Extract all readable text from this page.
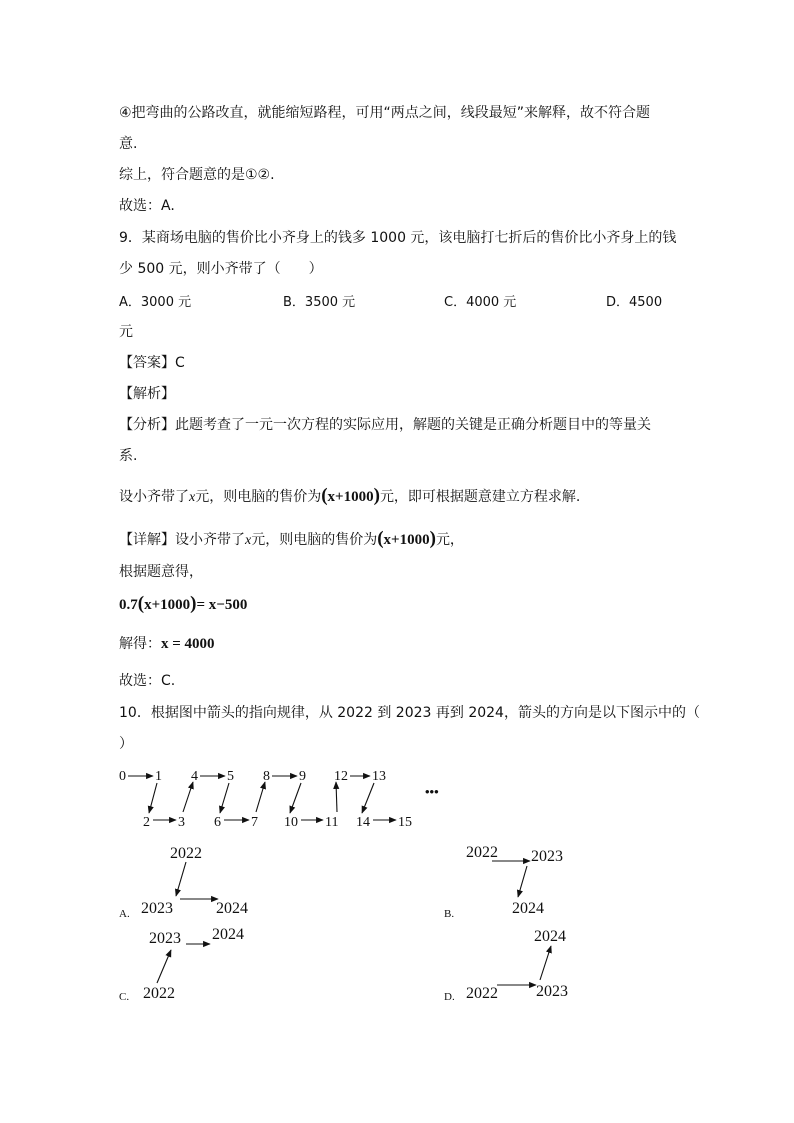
④把弯曲的公路改直，就能缩短路程，可用“两点之间，线段最短”来解释，故不符合题
意.
综上，符合题意的是①②.
故选：A.
9．某商场电脑的售价比小齐身上的钱多 1000 元，该电脑打七折后的售价比小齐身上的钱
少 500 元，则小齐带了（　　）
A．3000 元	B．3500 元	C．4000 元	D．4500
元
【答案】C
【解析】
【分析】此题考查了一元一次方程的实际应用，解题的关键是正确分析题目中的等量关
系.
设小齐带了x元，则电脑的售价为(x+1000)元，即可根据题意建立方程求解.
【详解】设小齐带了x元，则电脑的售价为(x+1000)元，
根据题意得，
0.7(x+1000)= x−500
解得：x = 4000
故选：C.
10．根据图中箭头的指向规律，从 2022 到 2023 再到 2024，箭头的方向是以下图示中的（
）
0 1
2 3
4 5
6 7
8 9
10 11
12 13
14 15
•••
2022
2023	2024
2022 2023
2024
2023 2024
2022
2024
2022 2023
A.	B.
C.	D.
